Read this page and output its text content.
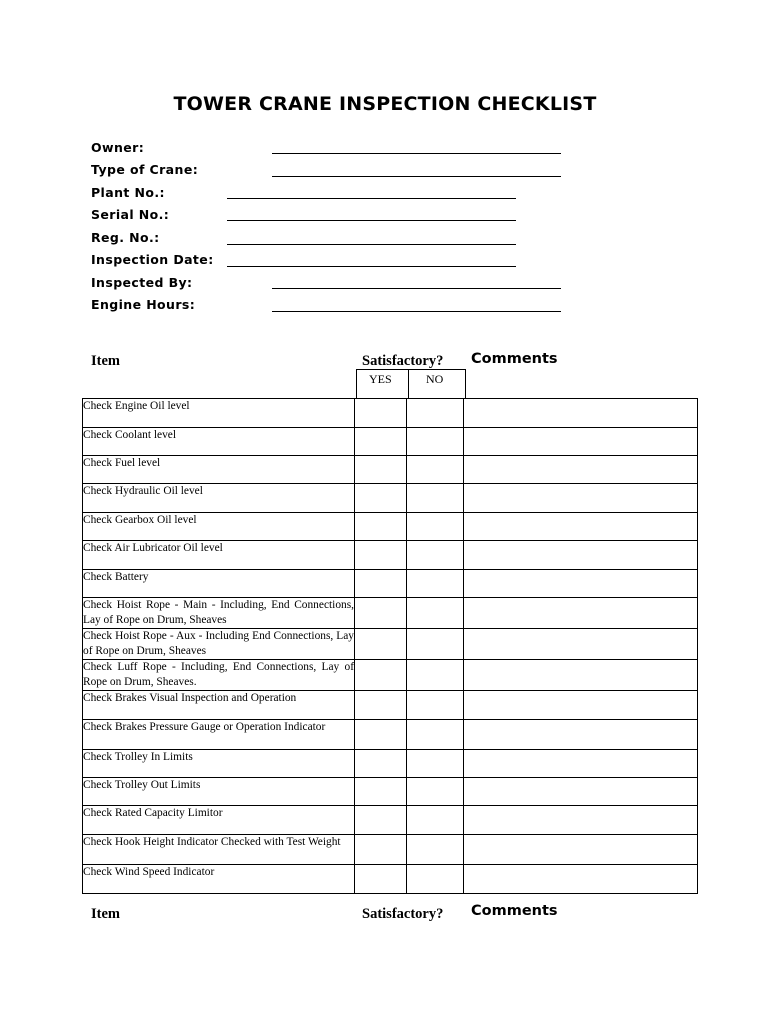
TOWER CRANE INSPECTION CHECKLIST
Owner:
Type of Crane:
Plant No.:
Serial No.:
Reg. No.:
Inspection Date:
Inspected By:
Engine Hours:
Item	Satisfactory? Comments
YES	NO
Check Engine Oil level			
Check Coolant level			
Check Fuel level			
Check Hydraulic Oil level			
Check Gearbox Oil level			
Check Air Lubricator Oil level			
Check Battery			
Check Hoist Rope - Main - Including, End Connections, Lay of Rope on Drum, Sheaves			
Check Hoist Rope - Aux - Including End Connections, Lay of Rope on Drum, Sheaves			
Check Luff Rope - Including, End Connections, Lay of Rope on Drum, Sheaves.			
Check Brakes Visual Inspection and Operation			
Check Brakes Pressure Gauge or Operation Indicator			
Check Trolley In Limits			
Check Trolley Out Limits			
Check Rated Capacity Limitor			
Check Hook Height Indicator Checked with Test Weight			
Check Wind Speed Indicator			
Item	Satisfactory? Comments
